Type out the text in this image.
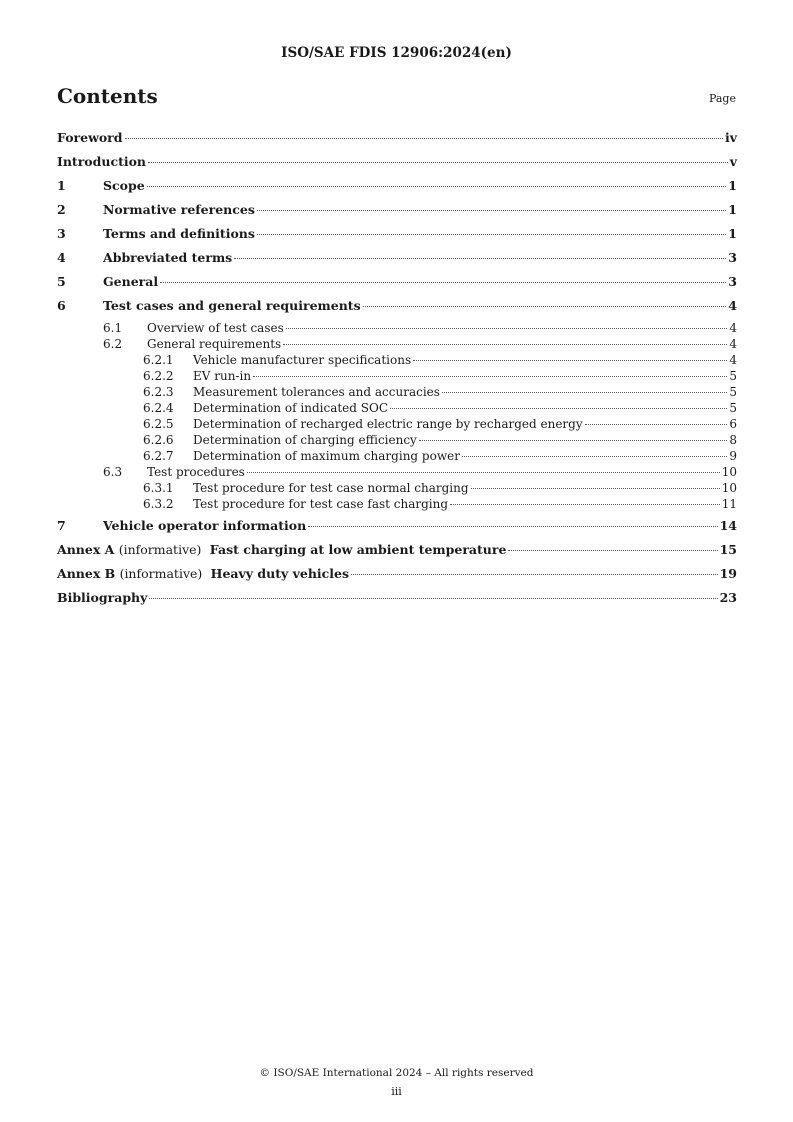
ISO/SAE FDIS 12906:2024(en)
Contents	Page
Foreword	iv
Introduction	v
1	Scope	1
2	Normative references	1
3	Terms and definitions	1
4	Abbreviated terms	3
5	General	3
6	Test cases and general requirements	4
6.1	Overview of test cases	4
6.2	General requirements	4
6.2.1	Vehicle manufacturer specifications	4
6.2.2	EV run-in	5
6.2.3	Measurement tolerances and accuracies	5
6.2.4	Determination of indicated SOC	5
6.2.5	Determination of recharged electric range by recharged energy	6
6.2.6	Determination of charging efficiency	8
6.2.7	Determination of maximum charging power	9
6.3	Test procedures	10
6.3.1	Test procedure for test case normal charging	10
6.3.2	Test procedure for test case fast charging	11
7	Vehicle operator information	14
Annex A (informative) Fast charging at low ambient temperature	15
Annex B (informative) Heavy duty vehicles	19
Bibliography	23
© ISO/SAE International 2024 – All rights reserved
iii
